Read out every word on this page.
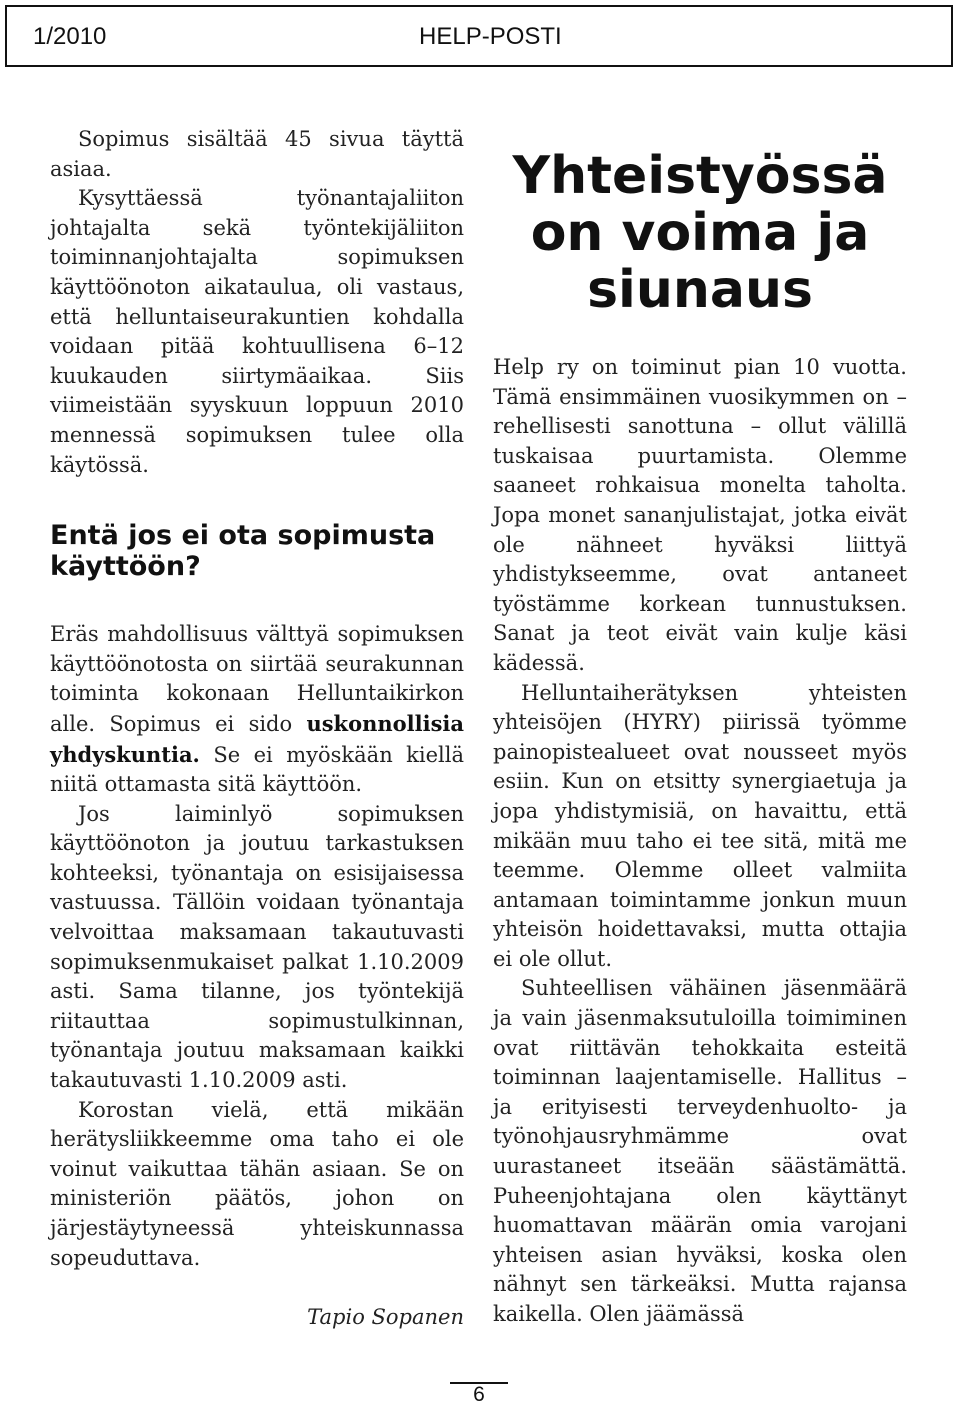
1/2010	HELP-POSTI

Sopimus sisältää 45 sivua täyttä asiaa.

Kysyttäessä työnantajaliiton johtajalta sekä työntekijäliiton toiminnanjohtajalta sopimuksen käyttöönoton aikataulua, oli vastaus, että helluntaiseurakuntien kohdalla voidaan pitää kohtuullisena 6–12 kuukauden siirtymäaikaa. Siis viimeistään syyskuun loppuun 2010 mennessä sopimuksen tulee olla käytössä.

Entä jos ei ota sopimusta käyttöön?

Eräs mahdollisuus välttyä sopimuksen käyttöönotosta on siirtää seurakunnan toiminta kokonaan Helluntaikirkon alle. Sopimus ei sido uskonnollisia yhdyskuntia. Se ei myöskään kiellä niitä ottamasta sitä käyttöön.

Jos laiminlyö sopimuksen käyttöönoton ja joutuu tarkastuksen kohteeksi, työnantaja on esisijaisessa vastuussa. Tällöin voidaan työnantaja velvoittaa maksamaan takautuvasti sopimuksenmukaiset palkat 1.10.2009 asti. Sama tilanne, jos työntekijä riitauttaa sopimustulkinnan, työnantaja joutuu maksamaan kaikki takautuvasti 1.10.2009 asti.

Korostan vielä, että mikään herätysliikkeemme oma taho ei ole voinut vaikuttaa tähän asiaan. Se on ministeriön päätös, johon on järjestäytyneessä yhteiskunnassa sopeuduttava.

Tapio Sopanen
Yhteistyössä on voima ja siunaus

Help ry on toiminut pian 10 vuotta. Tämä ensimmäinen vuosikymmen on – rehellisesti sanottuna – ollut välillä tuskaisaa puurtamista. Olemme saaneet rohkaisua monelta taholta. Jopa monet sananjulistajat, jotka eivät ole nähneet hyväksi liittyä yhdistykseemme, ovat antaneet työstämme korkean tunnustuksen. Sanat ja teot eivät vain kulje käsi kädessä.

Helluntaiherätyksen yhteisten yhteisöjen (HYRY) piirissä työmme painopistealueet ovat nousseet myös esiin. Kun on etsitty synergiaetuja ja jopa yhdistymisiä, on havaittu, että mikään muu taho ei tee sitä, mitä me teemme. Olemme olleet valmiita antamaan toimintamme jonkun muun yhteisön hoidettavaksi, mutta ottajia ei ole ollut.

Suhteellisen vähäinen jäsenmäärä ja vain jäsenmaksutuloilla toimiminen ovat riittävän tehokkaita esteitä toiminnan laajentamiselle. Hallitus – ja erityisesti terveydenhuolto- ja työnohjausryhmämme ovat uurastaneet itseään säästämättä. Puheenjohtajana olen käyttänyt huomattavan määrän omia varojani yhteisen asian hyväksi, koska olen nähnyt sen tärkeäksi. Mutta rajansa kaikella. Olen jäämässä

6
